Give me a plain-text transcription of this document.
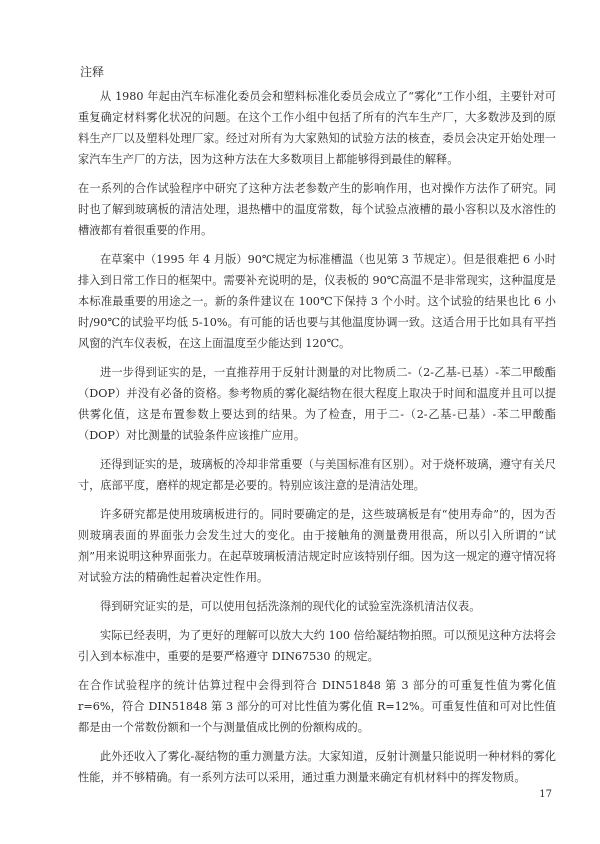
注释

从 1980 年起由汽车标准化委员会和塑料标准化委员会成立了“雾化”工作小组，主要针对可重复确定材料雾化状况的问题。在这个工作小组中包括了所有的汽车生产厂，大多数涉及到的原料生产厂以及塑料处理厂家。经过对所有为大家熟知的试验方法的核查，委员会决定开始处理一家汽车生产厂的方法，因为这种方法在大多数项目上都能够得到最佳的解释。

在一系列的合作试验程序中研究了这种方法老参数产生的影响作用，也对操作方法作了研究。同时也了解到玻璃板的清洁处理，退热槽中的温度常数，每个试验点液槽的最小容积以及水溶性的槽液都有着很重要的作用。

在草案中（1995 年 4 月版）90℃规定为标准槽温（也见第 3 节规定）。但是很难把 6 小时排入到日常工作日的框架中。需要补充说明的是，仪表板的 90℃高温不是非常现实，这种温度是本标准最重要的用途之一。新的条件建议在 100℃下保持 3 个小时。这个试验的结果也比 6 小时/90℃的试验平均低 5-10%。有可能的话也要与其他温度协调一致。这适合用于比如具有平挡风窗的汽车仪表板，在这上面温度至少能达到 120℃。

进一步得到证实的是，一直推荐用于反射计测量的对比物质二-（2-乙基-已基）-苯二甲酸酯（DOP）并没有必备的资格。参考物质的雾化凝结物在很大程度上取决于时间和温度并且可以提供雾化值，这是布置参数上要达到的结果。为了检查，用于二-（2-乙基-已基）-苯二甲酸酯（DOP）对比测量的试验条件应该推广应用。

还得到证实的是，玻璃板的冷却非常重要（与美国标准有区别）。对于烧杯玻璃，遵守有关尺寸，底部平度，磨样的规定都是必要的。特别应该注意的是清洁处理。

许多研究都是使用玻璃板进行的。同时要确定的是，这些玻璃板是有“使用寿命”的，因为否则玻璃表面的界面张力会发生过大的变化。由于接触角的测量费用很高，所以引入所谓的“试剂”用来说明这种界面张力。在起草玻璃板清洁规定时应该特别仔细。因为这一规定的遵守情况将对试验方法的精确性起着决定性作用。

得到研究证实的是，可以使用包括洗涤剂的现代化的试验室洗涤机清洁仪表。

实际已经表明，为了更好的理解可以放大大约 100 倍给凝结物拍照。可以预见这种方法将会引入到本标准中，重要的是要严格遵守 DIN67530 的规定。

在合作试验程序的统计估算过程中会得到符合 DIN51848 第 3 部分的可重复性值为雾化值 r=6%，符合 DIN51848 第 3 部分的可对比性值为雾化值 R=12%。可重复性值和可对比性值都是由一个常数份额和一个与测量值成比例的份额构成的。

此外还收入了雾化-凝结物的重力测量方法。大家知道，反射计测量只能说明一种材料的雾化性能，并不够精确。有一系列方法可以采用，通过重力测量来确定有机材料中的挥发物质。

17
